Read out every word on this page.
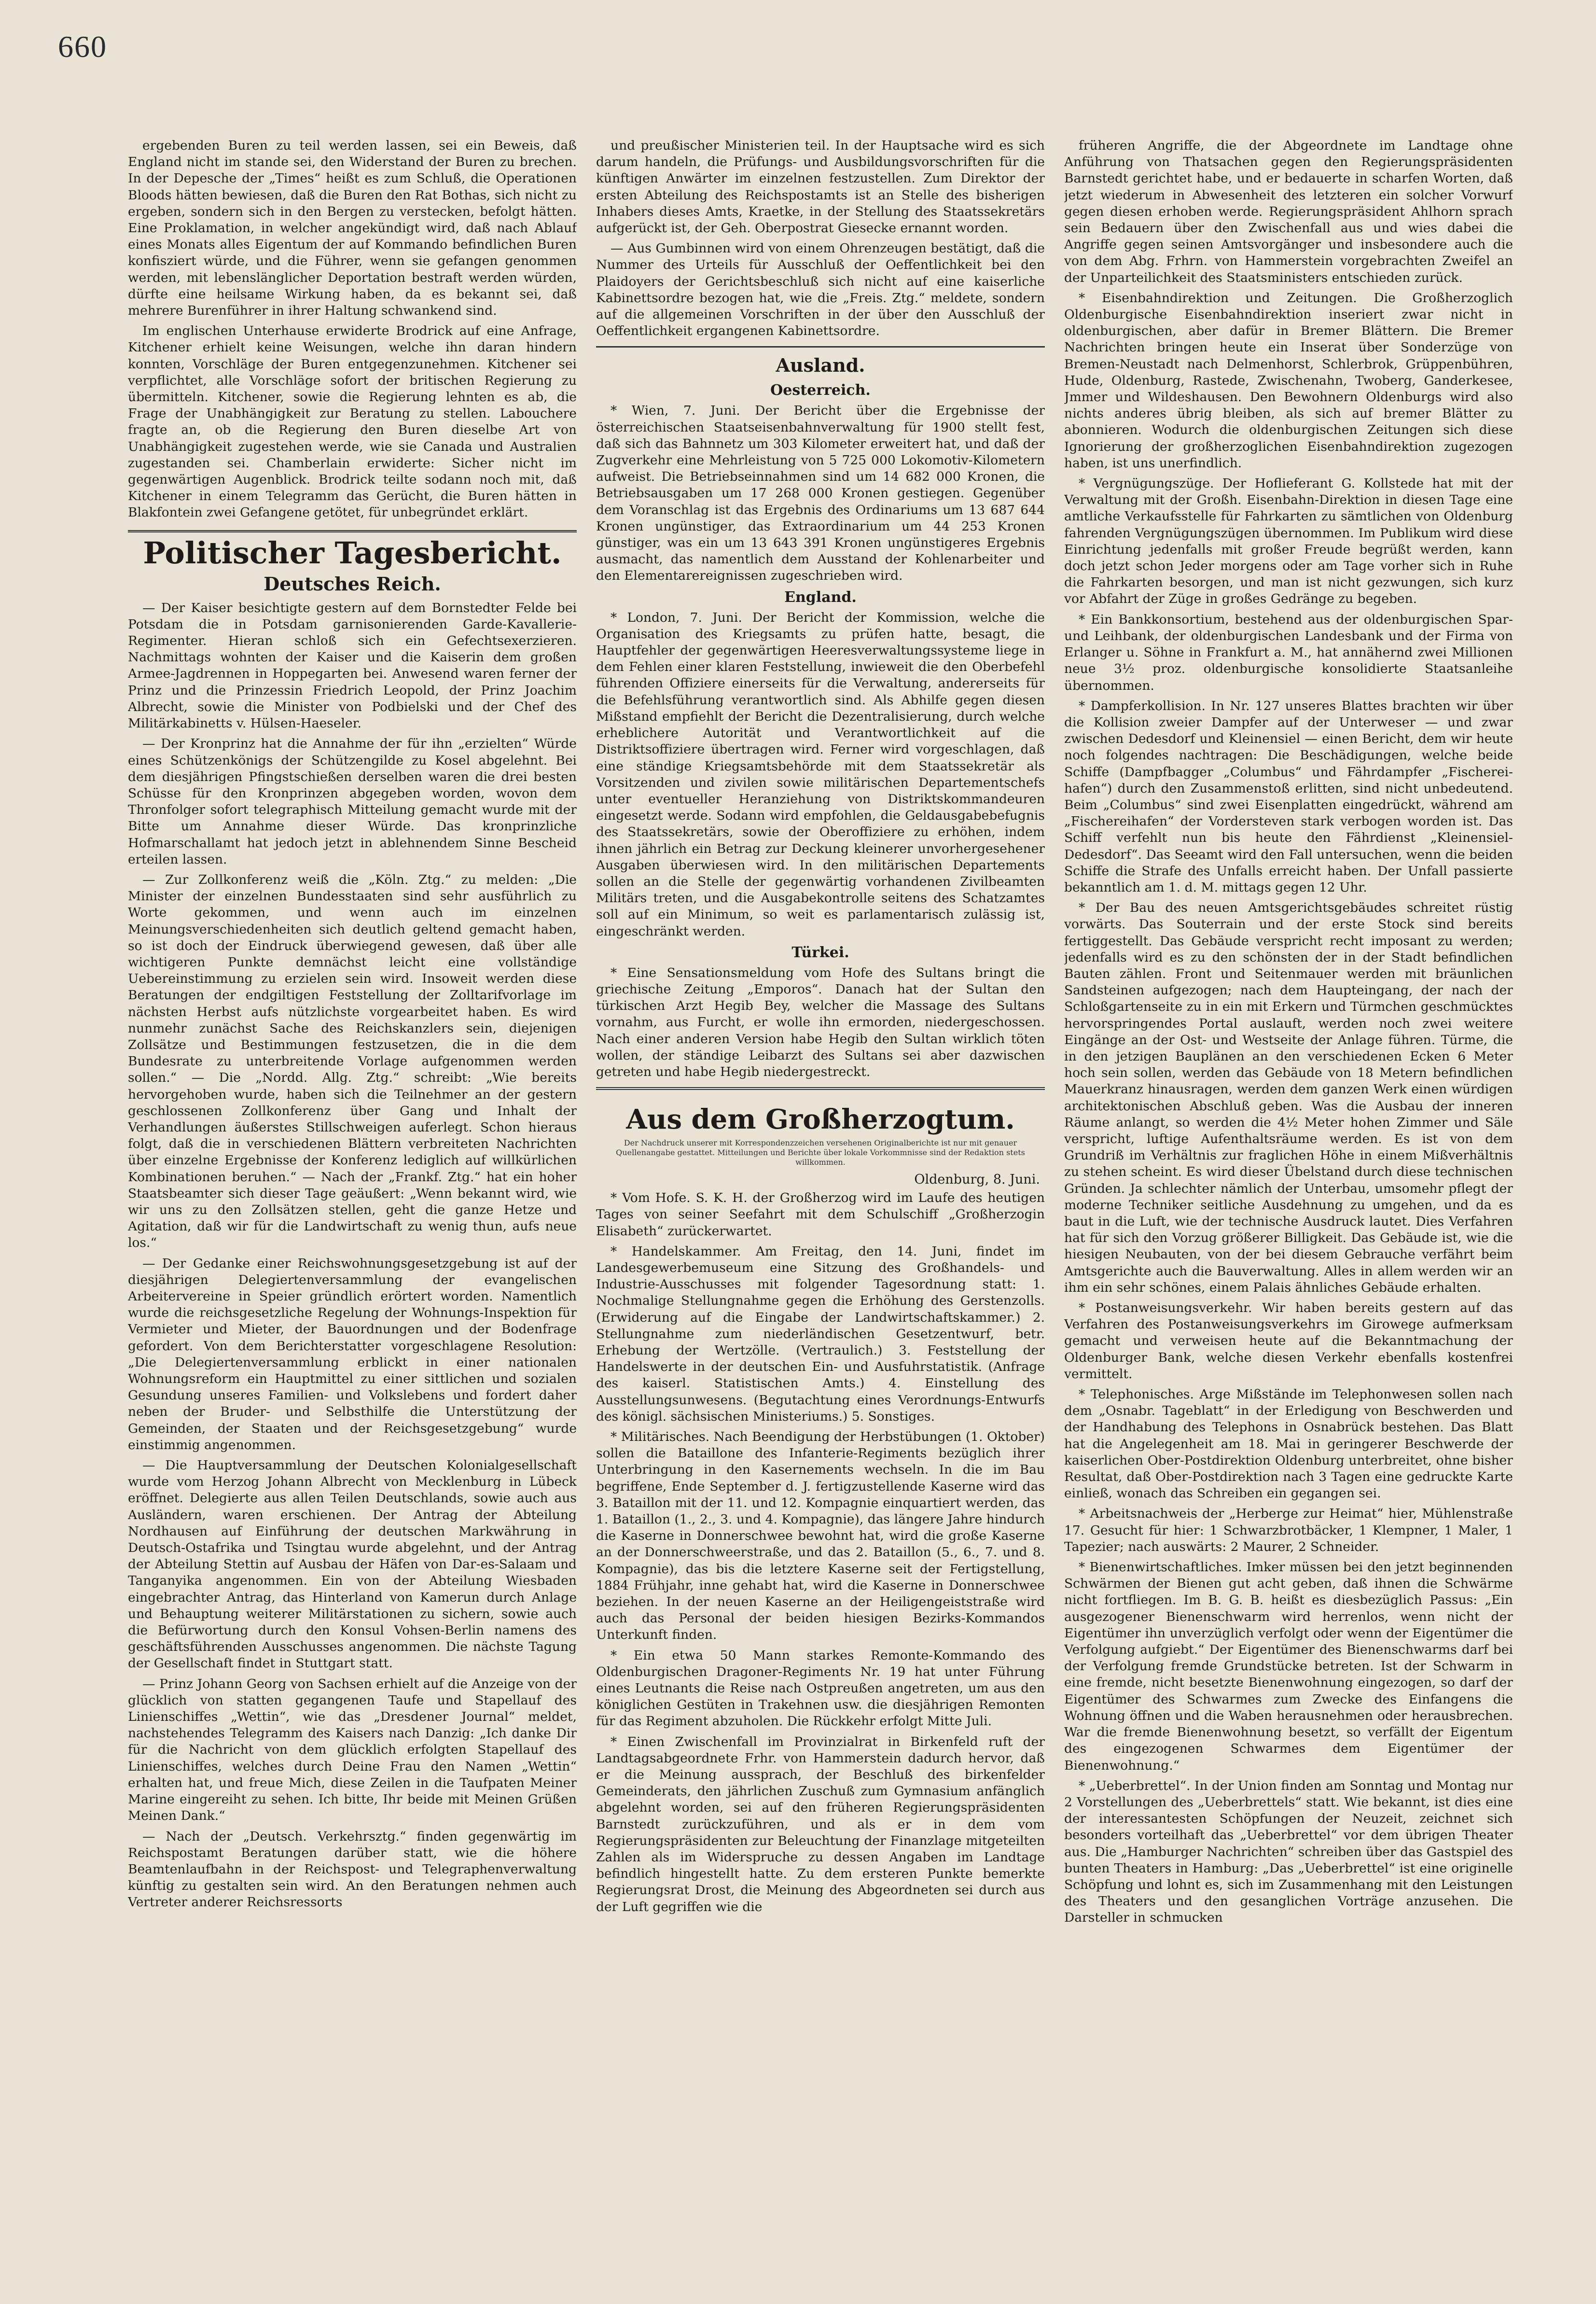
660

ergebenden Buren zu teil werden lassen, sei ein Beweis, daß England nicht im stande sei, den Widerstand der Buren zu brechen. In der Depesche der „Times“ heißt es zum Schluß, die Operationen Bloods hätten bewiesen, daß die Buren den Rat Bothas, sich nicht zu ergeben, sondern sich in den Bergen zu verstecken, befolgt hätten. Eine Proklamation, in welcher angekündigt wird, daß nach Ablauf eines Monats alles Eigentum der auf Kommando befindlichen Buren konfisziert würde, und die Führer, wenn sie gefangen genommen werden, mit lebenslänglicher Deportation bestraft werden würden, dürfte eine heilsame Wirkung haben, da es bekannt sei, daß mehrere Burenführer in ihrer Haltung schwankend sind.

Im englischen Unterhause erwiderte Brodrick auf eine Anfrage, Kitchener erhielt keine Weisungen, welche ihn daran hindern konnten, Vorschläge der Buren entgegenzunehmen. Kitchener sei verpflichtet, alle Vorschläge sofort der britischen Regierung zu übermitteln. Kitchener, sowie die Regierung lehnten es ab, die Frage der Unabhängigkeit zur Beratung zu stellen. Labouchere fragte an, ob die Regierung den Buren dieselbe Art von Unabhängigkeit zugestehen werde, wie sie Canada und Australien zugestanden sei. Chamberlain erwiderte: Sicher nicht im gegenwärtigen Augenblick. Brodrick teilte sodann noch mit, daß Kitchener in einem Telegramm das Gerücht, die Buren hätten in Blakfontein zwei Gefangene getötet, für unbegründet erklärt.

Politischer Tagesbericht.
Deutsches Reich.

— Der Kaiser besichtigte gestern auf dem Bornstedter Felde bei Potsdam die in Potsdam garnisonierenden Garde-Kavallerie-Regimenter. Hieran schloß sich ein Gefechtsexerzieren. Nachmittags wohnten der Kaiser und die Kaiserin dem großen Armee-Jagdrennen in Hoppegarten bei. Anwesend waren ferner der Prinz und die Prinzessin Friedrich Leopold, der Prinz Joachim Albrecht, sowie die Minister von Podbielski und der Chef des Militärkabinetts v. Hülsen-Haeseler.

— Der Kronprinz hat die Annahme der für ihn „erzielten“ Würde eines Schützenkönigs der Schützengilde zu Kosel abgelehnt. Bei dem diesjährigen Pfingstschießen derselben waren die drei besten Schüsse für den Kronprinzen abgegeben worden, wovon dem Thronfolger sofort telegraphisch Mitteilung gemacht wurde mit der Bitte um Annahme dieser Würde. Das kronprinzliche Hofmarschallamt hat jedoch jetzt in ablehnendem Sinne Bescheid erteilen lassen.

— Zur Zollkonferenz weiß die „Köln. Ztg.“ zu melden: „Die Minister der einzelnen Bundesstaaten sind sehr ausführlich zu Worte gekommen, und wenn auch im einzelnen Meinungsverschiedenheiten sich deutlich geltend gemacht haben, so ist doch der Eindruck überwiegend gewesen, daß über alle wichtigeren Punkte demnächst leicht eine vollständige Uebereinstimmung zu erzielen sein wird. Insoweit werden diese Beratungen der endgiltigen Feststellung der Zolltarifvorlage im nächsten Herbst aufs nützlichste vorgearbeitet haben. Es wird nunmehr zunächst Sache des Reichskanzlers sein, diejenigen Zollsätze und Bestimmungen festzusetzen, die in die dem Bundesrate zu unterbreitende Vorlage aufgenommen werden sollen.“ — Die „Nordd. Allg. Ztg.“ schreibt: „Wie bereits hervorgehoben wurde, haben sich die Teilnehmer an der gestern geschlossenen Zollkonferenz über Gang und Inhalt der Verhandlungen äußerstes Stillschweigen auferlegt. Schon hieraus folgt, daß die in verschiedenen Blättern verbreiteten Nachrichten über einzelne Ergebnisse der Konferenz lediglich auf willkürlichen Kombinationen beruhen.“ — Nach der „Frankf. Ztg.“ hat ein hoher Staatsbeamter sich dieser Tage geäußert: „Wenn bekannt wird, wie wir uns zu den Zollsätzen stellen, geht die ganze Hetze und Agitation, daß wir für die Landwirtschaft zu wenig thun, aufs neue los.“

— Der Gedanke einer Reichswohnungsgesetzgebung ist auf der diesjährigen Delegiertenversammlung der evangelischen Arbeitervereine in Speier gründlich erörtert worden. Namentlich wurde die reichsgesetzliche Regelung der Wohnungs-Inspektion für Vermieter und Mieter, der Bauordnungen und der Bodenfrage gefordert. Von dem Berichterstatter vorgeschlagene Resolution: „Die Delegiertenversammlung erblickt in einer nationalen Wohnungsreform ein Hauptmittel zu einer sittlichen und sozialen Gesundung unseres Familien- und Volkslebens und fordert daher neben der Bruder- und Selbsthilfe die Unterstützung der Gemeinden, der Staaten und der Reichsgesetzgebung“ wurde einstimmig angenommen.

— Die Hauptversammlung der Deutschen Kolonialgesellschaft wurde vom Herzog Johann Albrecht von Mecklenburg in Lübeck eröffnet. Delegierte aus allen Teilen Deutschlands, sowie auch aus Ausländern, waren erschienen. Der Antrag der Abteilung Nordhausen auf Einführung der deutschen Markwährung in Deutsch-Ostafrika und Tsingtau wurde abgelehnt, und der Antrag der Abteilung Stettin auf Ausbau der Häfen von Dar-es-Salaam und Tanganyika angenommen. Ein von der Abteilung Wiesbaden eingebrachter Antrag, das Hinterland von Kamerun durch Anlage und Behauptung weiterer Militärstationen zu sichern, sowie auch die Befürwortung durch den Konsul Vohsen-Berlin namens des geschäftsführenden Ausschusses angenommen. Die nächste Tagung der Gesellschaft findet in Stuttgart statt.

— Prinz Johann Georg von Sachsen erhielt auf die Anzeige von der glücklich von statten gegangenen Taufe und Stapellauf des Linienschiffes „Wettin“, wie das „Dresdener Journal“ meldet, nachstehendes Telegramm des Kaisers nach Danzig: „Ich danke Dir für die Nachricht von dem glücklich erfolgten Stapellauf des Linienschiffes, welches durch Deine Frau den Namen „Wettin“ erhalten hat, und freue Mich, diese Zeilen in die Taufpaten Meiner Marine eingereiht zu sehen. Ich bitte, Ihr beide mit Meinen Grüßen Meinen Dank.“

— Nach der „Deutsch. Verkehrsztg.“ finden gegenwärtig im Reichspostamt Beratungen darüber statt, wie die höhere Beamtenlaufbahn in der Reichspost- und Telegraphenverwaltung künftig zu gestalten sein wird. An den Beratungen nehmen auch Vertreter anderer Reichsressorts

und preußischer Ministerien teil. In der Hauptsache wird es sich darum handeln, die Prüfungs- und Ausbildungsvorschriften für die künftigen Anwärter im einzelnen festzustellen. Zum Direktor der ersten Abteilung des Reichspostamts ist an Stelle des bisherigen Inhabers dieses Amts, Kraetke, in der Stellung des Staatssekretärs aufgerückt ist, der Geh. Oberpostrat Giesecke ernannt worden.

— Aus Gumbinnen wird von einem Ohrenzeugen bestätigt, daß die Nummer des Urteils für Ausschluß der Oeffentlichkeit bei den Plaidoyers der Gerichtsbeschluß sich nicht auf eine kaiserliche Kabinettsordre bezogen hat, wie die „Freis. Ztg.“ meldete, sondern auf die allgemeinen Vorschriften in der über den Ausschluß der Oeffentlichkeit ergangenen Kabinettsordre.

Ausland.
Oesterreich.

* Wien, 7. Juni. Der Bericht über die Ergebnisse der österreichischen Staatseisenbahnverwaltung für 1900 stellt fest, daß sich das Bahnnetz um 303 Kilometer erweitert hat, und daß der Zugverkehr eine Mehrleistung von 5 725 000 Lokomotiv-Kilometern aufweist. Die Betriebseinnahmen sind um 14 682 000 Kronen, die Betriebsausgaben um 17 268 000 Kronen gestiegen. Gegenüber dem Voranschlag ist das Ergebnis des Ordinariums um 13 687 644 Kronen ungünstiger, das Extraordinarium um 44 253 Kronen günstiger, was ein um 13 643 391 Kronen ungünstigeres Ergebnis ausmacht, das namentlich dem Ausstand der Kohlenarbeiter und den Elementarereignissen zugeschrieben wird.

England.

* London, 7. Juni. Der Bericht der Kommission, welche die Organisation des Kriegsamts zu prüfen hatte, besagt, die Hauptfehler der gegenwärtigen Heeresverwaltungssysteme liege in dem Fehlen einer klaren Feststellung, inwieweit die den Oberbefehl führenden Offiziere einerseits für die Verwaltung, andererseits für die Befehlsführung verantwortlich sind. Als Abhilfe gegen diesen Mißstand empfiehlt der Bericht die Dezentralisierung, durch welche erheblichere Autorität und Verantwortlichkeit auf die Distriktsoffiziere übertragen wird. Ferner wird vorgeschlagen, daß eine ständige Kriegsamtsbehörde mit dem Staatssekretär als Vorsitzenden und zivilen sowie militärischen Departementschefs unter eventueller Heranziehung von Distriktskommandeuren eingesetzt werde. Sodann wird empfohlen, die Geldausgabebefugnis des Staatssekretärs, sowie der Oberoffiziere zu erhöhen, indem ihnen jährlich ein Betrag zur Deckung kleinerer unvorhergesehener Ausgaben überwiesen wird. In den militärischen Departements sollen an die Stelle der gegenwärtig vorhandenen Zivilbeamten Militärs treten, und die Ausgabekontrolle seitens des Schatzamtes soll auf ein Minimum, so weit es parlamentarisch zulässig ist, eingeschränkt werden.

Türkei.

* Eine Sensationsmeldung vom Hofe des Sultans bringt die griechische Zeitung „Emporos“. Danach hat der Sultan den türkischen Arzt Hegib Bey, welcher die Massage des Sultans vornahm, aus Furcht, er wolle ihn ermorden, niedergeschossen. Nach einer anderen Version habe Hegib den Sultan wirklich töten wollen, der ständige Leibarzt des Sultans sei aber dazwischen getreten und habe Hegib niedergestreckt.

Aus dem Großherzogtum.
Der Nachdruck unserer mit Korrespondenzzeichen versehenen Originalberichte ist nur mit genauer Quellenangabe gestattet. Mitteilungen und Berichte über lokale Vorkommnisse sind der Redaktion stets willkommen.
Oldenburg, 8. Juni.

* Vom Hofe. S. K. H. der Großherzog wird im Laufe des heutigen Tages von seiner Seefahrt mit dem Schulschiff „Großherzogin Elisabeth“ zurückerwartet.

* Handelskammer. Am Freitag, den 14. Juni, findet im Landesgewerbemuseum eine Sitzung des Großhandels- und Industrie-Ausschusses mit folgender Tagesordnung statt: 1. Nochmalige Stellungnahme gegen die Erhöhung des Gerstenzolls. (Erwiderung auf die Eingabe der Landwirtschaftskammer.) 2. Stellungnahme zum niederländischen Gesetzentwurf, betr. Erhebung der Wertzölle. (Vertraulich.) 3. Feststellung der Handelswerte in der deutschen Ein- und Ausfuhrstatistik. (Anfrage des kaiserl. Statistischen Amts.) 4. Einstellung des Ausstellungsunwesens. (Begutachtung eines Verordnungs-Entwurfs des königl. sächsischen Ministeriums.) 5. Sonstiges.

* Militärisches. Nach Beendigung der Herbstübungen (1. Oktober) sollen die Bataillone des Infanterie-Regiments bezüglich ihrer Unterbringung in den Kasernements wechseln. In die im Bau begriffene, Ende September d. J. fertigzustellende Kaserne wird das 3. Bataillon mit der 11. und 12. Kompagnie einquartiert werden, das 1. Bataillon (1., 2., 3. und 4. Kompagnie), das längere Jahre hindurch die Kaserne in Donnerschwee bewohnt hat, wird die große Kaserne an der Donnerschweerstraße, und das 2. Bataillon (5., 6., 7. und 8. Kompagnie), das bis die letztere Kaserne seit der Fertigstellung, 1884 Frühjahr, inne gehabt hat, wird die Kaserne in Donnerschwee beziehen. In der neuen Kaserne an der Heiligengeiststraße wird auch das Personal der beiden hiesigen Bezirks-Kommandos Unterkunft finden.

* Ein etwa 50 Mann starkes Remonte-Kommando des Oldenburgischen Dragoner-Regiments Nr. 19 hat unter Führung eines Leutnants die Reise nach Ostpreußen angetreten, um aus den königlichen Gestüten in Trakehnen usw. die diesjährigen Remonten für das Regiment abzuholen. Die Rückkehr erfolgt Mitte Juli.

* Einen Zwischenfall im Provinzialrat in Birkenfeld ruft der Landtagsabgeordnete Frhr. von Hammerstein dadurch hervor, daß er die Meinung aussprach, der Beschluß des birkenfelder Gemeinderats, den jährlichen Zuschuß zum Gymnasium anfänglich abgelehnt worden, sei auf den früheren Regierungspräsidenten Barnstedt zurückzuführen, und als er in dem vom Regierungspräsidenten zur Beleuchtung der Finanzlage mitgeteilten Zahlen als im Widerspruche zu dessen Angaben im Landtage befindlich hingestellt hatte. Zu dem ersteren Punkte bemerkte Regierungsrat Drost, die Meinung des Abgeordneten sei durch aus der Luft gegriffen wie die

früheren Angriffe, die der Abgeordnete im Landtage ohne Anführung von Thatsachen gegen den Regierungspräsidenten Barnstedt gerichtet habe, und er bedauerte in scharfen Worten, daß jetzt wiederum in Abwesenheit des letzteren ein solcher Vorwurf gegen diesen erhoben werde. Regierungspräsident Ahlhorn sprach sein Bedauern über den Zwischenfall aus und wies dabei die Angriffe gegen seinen Amtsvorgänger und insbesondere auch die von dem Abg. Frhrn. von Hammerstein vorgebrachten Zweifel an der Unparteilichkeit des Staatsministers entschieden zurück.

* Eisenbahndirektion und Zeitungen. Die Großherzoglich Oldenburgische Eisenbahndirektion inseriert zwar nicht in oldenburgischen, aber dafür in Bremer Blättern. Die Bremer Nachrichten bringen heute ein Inserat über Sonderzüge von Bremen-Neustadt nach Delmenhorst, Schlerbrok, Grüppenbühren, Hude, Oldenburg, Rastede, Zwischenahn, Twoberg, Ganderkesee, Jmmer und Wildeshausen. Den Bewohnern Oldenburgs wird also nichts anderes übrig bleiben, als sich auf bremer Blätter zu abonnieren. Wodurch die oldenburgischen Zeitungen sich diese Ignorierung der großherzoglichen Eisenbahndirektion zugezogen haben, ist uns unerfindlich.

* Vergnügungszüge. Der Hoflieferant G. Kollstede hat mit der Verwaltung mit der Großh. Eisenbahn-Direktion in diesen Tage eine amtliche Verkaufsstelle für Fahrkarten zu sämtlichen von Oldenburg fahrenden Vergnügungszügen übernommen. Im Publikum wird diese Einrichtung jedenfalls mit großer Freude begrüßt werden, kann doch jetzt schon Jeder morgens oder am Tage vorher sich in Ruhe die Fahrkarten besorgen, und man ist nicht gezwungen, sich kurz vor Abfahrt der Züge in großes Gedränge zu begeben.

* Ein Bankkonsortium, bestehend aus der oldenburgischen Spar- und Leihbank, der oldenburgischen Landesbank und der Firma von Erlanger u. Söhne in Frankfurt a. M., hat annähernd zwei Millionen neue 3½ proz. oldenburgische konsolidierte Staatsanleihe übernommen.

* Dampferkollision. In Nr. 127 unseres Blattes brachten wir über die Kollision zweier Dampfer auf der Unterweser — und zwar zwischen Dedesdorf und Kleinensiel — einen Bericht, dem wir heute noch folgendes nachtragen: Die Beschädigungen, welche beide Schiffe (Dampfbagger „Columbus“ und Fährdampfer „Fischereihafen“) durch den Zusammenstoß erlitten, sind nicht unbedeutend. Beim „Columbus“ sind zwei Eisenplatten eingedrückt, während am „Fischereihafen“ der Vordersteven stark verbogen worden ist. Das Schiff verfehlt nun bis heute den Fährdienst „Kleinensiel-Dedesdorf“. Das Seeamt wird den Fall untersuchen, wenn die beiden Schiffe die Strafe des Unfalls erreicht haben. Der Unfall passierte bekanntlich am 1. d. M. mittags gegen 12 Uhr.

* Der Bau des neuen Amtsgerichtsgebäudes schreitet rüstig vorwärts. Das Souterrain und der erste Stock sind bereits fertiggestellt. Das Gebäude verspricht recht imposant zu werden; jedenfalls wird es zu den schönsten der in der Stadt befindlichen Bauten zählen. Front und Seitenmauer werden mit bräunlichen Sandsteinen aufgezogen; nach dem Haupteingang, der nach der Schloßgartenseite zu in ein mit Erkern und Türmchen geschmücktes hervorspringendes Portal auslauft, werden noch zwei weitere Eingänge an der Ost- und Westseite der Anlage führen. Türme, die in den jetzigen Bauplänen an den verschiedenen Ecken 6 Meter hoch sein sollen, werden das Gebäude von 18 Metern befindlichen Mauerkranz hinausragen, werden dem ganzen Werk einen würdigen architektonischen Abschluß geben. Was die Ausbau der inneren Räume anlangt, so werden die 4½ Meter hohen Zimmer und Säle verspricht, luftige Aufenthaltsräume werden. Es ist von dem Grundriß im Verhältnis zur fraglichen Höhe in einem Mißverhältnis zu stehen scheint. Es wird dieser Übelstand durch diese technischen Gründen. Ja schlechter nämlich der Unterbau, umsomehr pflegt der moderne Techniker seitliche Ausdehnung zu umgehen, und da es baut in die Luft, wie der technische Ausdruck lautet. Dies Verfahren hat für sich den Vorzug größerer Billigkeit. Das Gebäude ist, wie die hiesigen Neubauten, von der bei diesem Gebrauche verfährt beim Amtsgerichte auch die Bauverwaltung. Alles in allem werden wir an ihm ein sehr schönes, einem Palais ähnliches Gebäude erhalten.

* Postanweisungsverkehr. Wir haben bereits gestern auf das Verfahren des Postanweisungsverkehrs im Girowege aufmerksam gemacht und verweisen heute auf die Bekanntmachung der Oldenburger Bank, welche diesen Verkehr ebenfalls kostenfrei vermittelt.

* Telephonisches. Arge Mißstände im Telephonwesen sollen nach dem „Osnabr. Tageblatt“ in der Erledigung von Beschwerden und der Handhabung des Telephons in Osnabrück bestehen. Das Blatt hat die Angelegenheit am 18. Mai in geringerer Beschwerde der kaiserlichen Ober-Postdirektion Oldenburg unterbreitet, ohne bisher Resultat, daß Ober-Postdirektion nach 3 Tagen eine gedruckte Karte einließ, wonach das Schreiben ein gegangen sei.

* Arbeitsnachweis der „Herberge zur Heimat“ hier, Mühlenstraße 17. Gesucht für hier: 1 Schwarzbrotbäcker, 1 Klempner, 1 Maler, 1 Tapezier; nach auswärts: 2 Maurer, 2 Schneider.

* Bienenwirtschaftliches. Imker müssen bei den jetzt beginnenden Schwärmen der Bienen gut acht geben, daß ihnen die Schwärme nicht fortfliegen. Im B. G. B. heißt es diesbezüglich Passus: „Ein ausgezogener Bienenschwarm wird herrenlos, wenn nicht der Eigentümer ihn unverzüglich verfolgt oder wenn der Eigentümer die Verfolgung aufgiebt.“ Der Eigentümer des Bienenschwarms darf bei der Verfolgung fremde Grundstücke betreten. Ist der Schwarm in eine fremde, nicht besetzte Bienenwohnung eingezogen, so darf der Eigentümer des Schwarmes zum Zwecke des Einfangens die Wohnung öffnen und die Waben herausnehmen oder herausbrechen. War die fremde Bienenwohnung besetzt, so verfällt der Eigentum des eingezogenen Schwarmes dem Eigentümer der Bienenwohnung.“

* „Ueberbrettel“. In der Union finden am Sonntag und Montag nur 2 Vorstellungen des „Ueberbrettels“ statt. Wie bekannt, ist dies eine der interessantesten Schöpfungen der Neuzeit, zeichnet sich besonders vorteilhaft das „Ueberbrettel“ vor dem übrigen Theater aus. Die „Hamburger Nachrichten“ schreiben über das Gastspiel des bunten Theaters in Hamburg: „Das „Ueberbrettel“ ist eine originelle Schöpfung und lohnt es, sich im Zusammenhang mit den Leistungen des Theaters und den gesanglichen Vorträge anzusehen. Die Darsteller in schmucken
